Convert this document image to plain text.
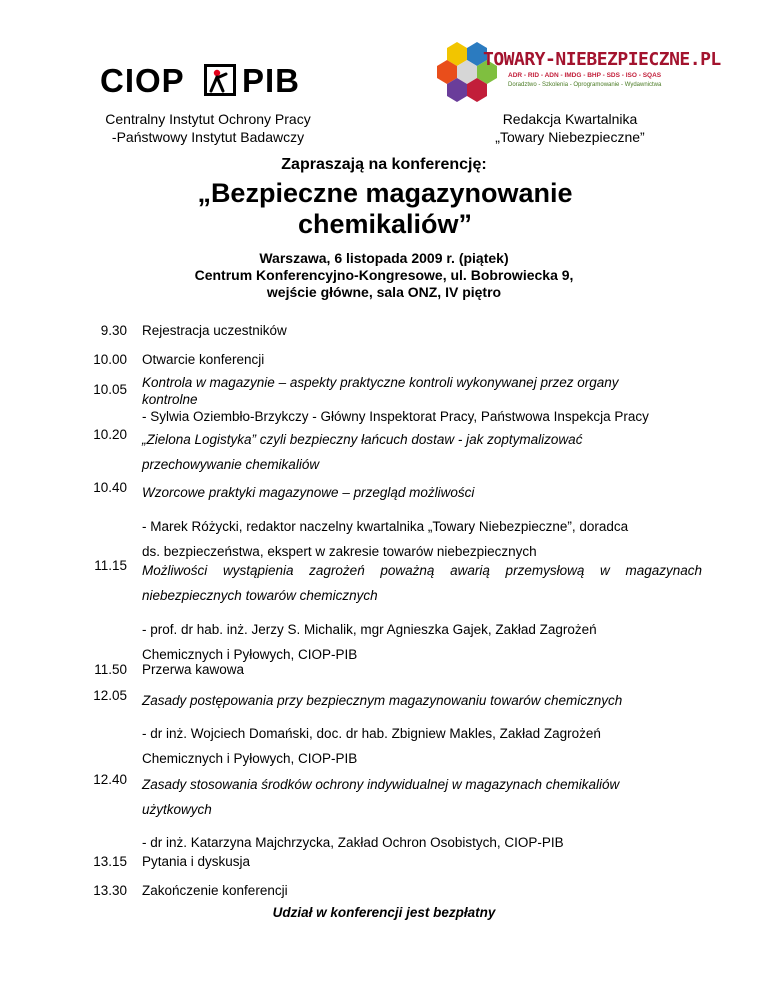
CIOP PIB
Centralny Instytut Ochrony Pracy
-Państwowy Instytut Badawczy
TOWARY-NIEBEZPIECZNE.PL
ADR - RID - ADN - IMDG - BHP - SDS - ISO - SQAS
Doradztwo - Szkolenia - Oprogramowanie - Wydawnictwa
Redakcja Kwartalnika
„Towary Niebezpieczne”
Zapraszają na konferencję:
„Bezpieczne magazynowanie
chemikaliów”
Warszawa, 6 listopada 2009 r. (piątek)
Centrum Konferencyjno-Kongresowe, ul. Bobrowiecka 9,
wejście główne, sala ONZ, IV piętro
9.30 Rejestracja uczestników
10.00 Otwarcie konferencji
10.05 Kontrola w magazynie – aspekty praktyczne kontroli wykonywanej przez organy
kontrolne
- Sylwia Oziembło-Brzykczy - Główny Inspektorat Pracy, Państwowa Inspekcja Pracy
10.20 „Zielona Logistyka” czyli bezpieczny łańcuch dostaw - jak zoptymalizować
przechowywanie chemikaliów
10.40 Wzorcowe praktyki magazynowe – przegląd możliwości
- Marek Różycki, redaktor naczelny kwartalnika „Towary Niebezpieczne”, doradca
ds. bezpieczeństwa, ekspert w zakresie towarów niebezpiecznych
11.15 Możliwości wystąpienia zagrożeń poważną awarią przemysłową w magazynach
niebezpiecznych towarów chemicznych
- prof. dr hab. inż. Jerzy S. Michalik, mgr Agnieszka Gajek, Zakład Zagrożeń
Chemicznych i Pyłowych, CIOP-PIB
11.50 Przerwa kawowa
12.05 Zasady postępowania przy bezpiecznym magazynowaniu towarów chemicznych
- dr inż. Wojciech Domański, doc. dr hab. Zbigniew Makles, Zakład Zagrożeń
Chemicznych i Pyłowych, CIOP-PIB
12.40 Zasady stosowania środków ochrony indywidualnej w magazynach chemikaliów
użytkowych
- dr inż. Katarzyna Majchrzycka, Zakład Ochron Osobistych, CIOP-PIB
13.15 Pytania i dyskusja
13.30 Zakończenie konferencji
Udział w konferencji jest bezpłatny
